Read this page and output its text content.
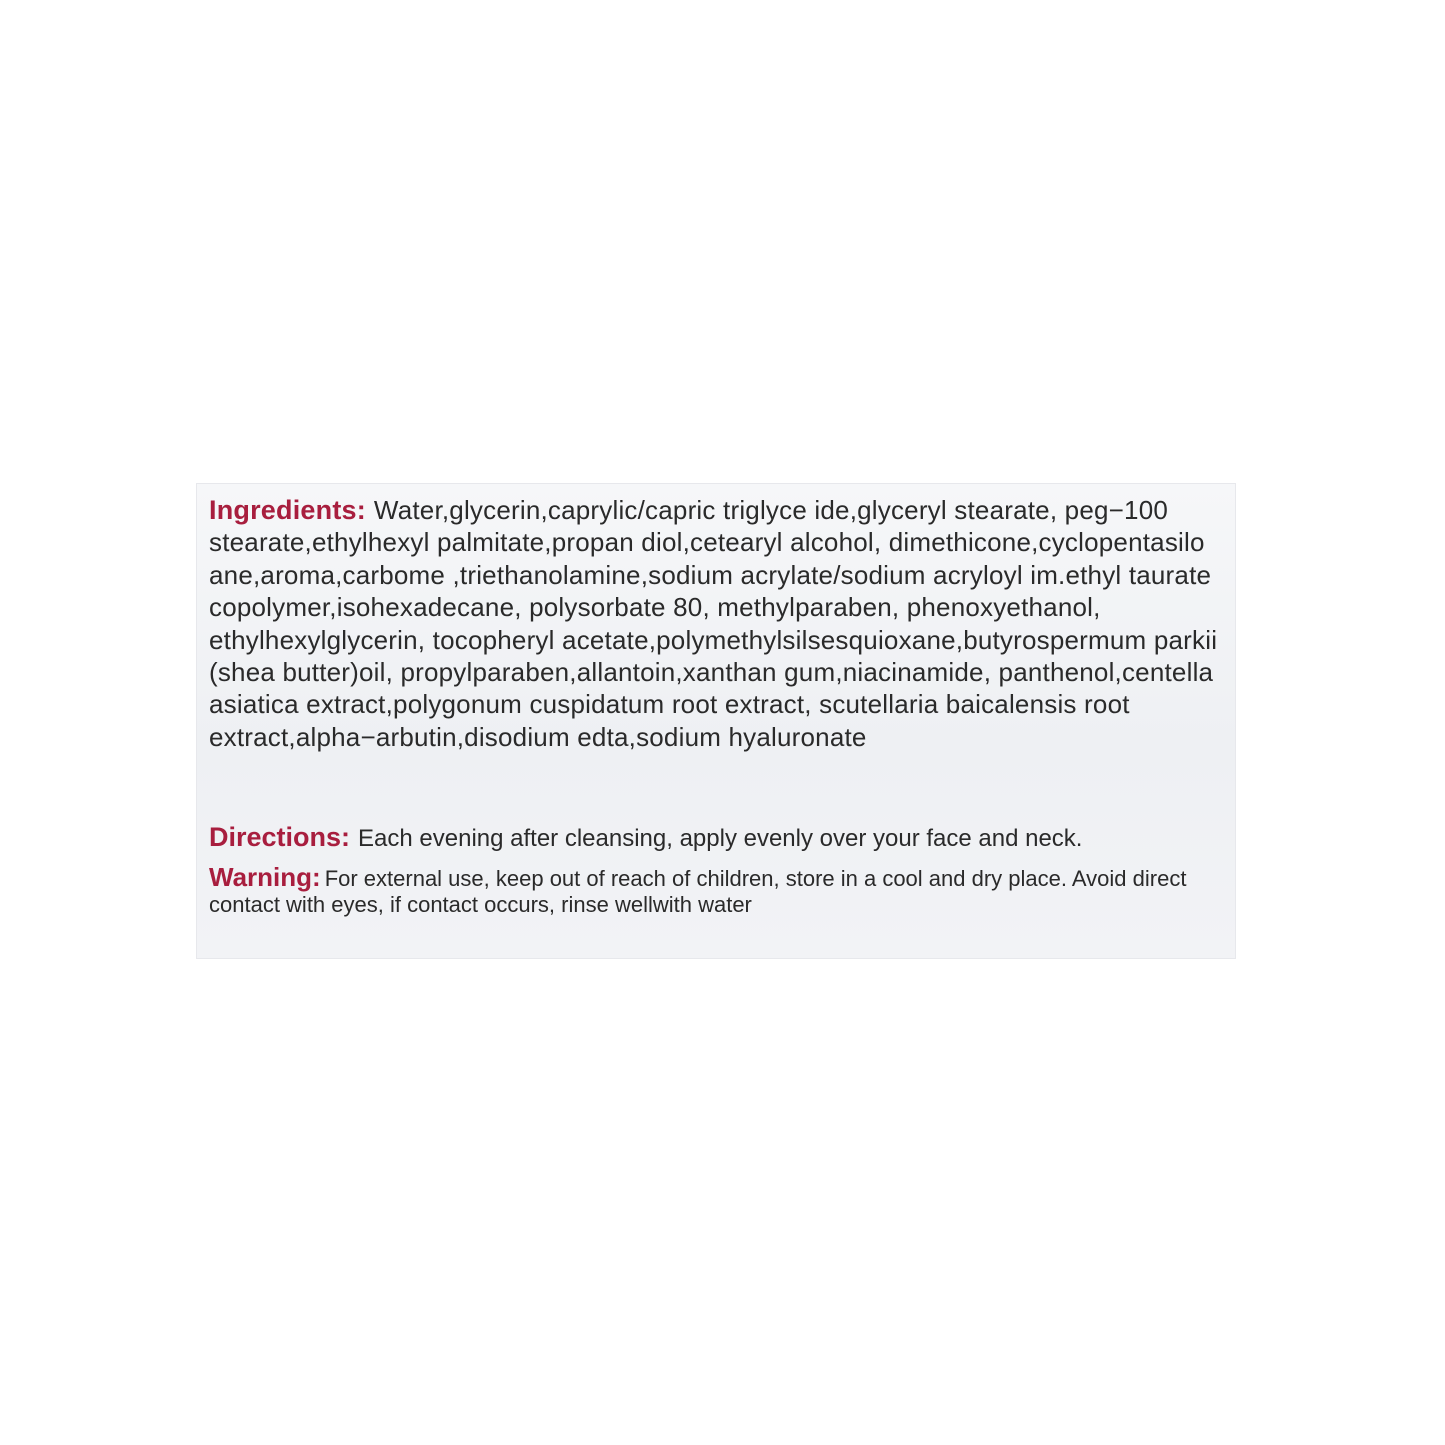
Ingredients: Water,glycerin,caprylic/capric triglyce ide,glyceryl stearate, peg−100 stearate,ethylhexyl palmitate,propan diol,cetearyl alcohol, dimethicone,cyclopentasilo ane,aroma,carbome ,triethanolamine,sodium acrylate/sodium acryloyl im.ethyl taurate copolymer,isohexadecane, polysorbate 80, methylparaben, phenoxyethanol, ethylhexylglycerin, tocopheryl acetate,polymethylsilsesquioxane,butyrospermum parkii (shea butter)oil, propylparaben,allantoin,xanthan gum,niacinamide, panthenol,centella asiatica extract,polygonum cuspidatum root extract, scutellaria baicalensis root extract,alpha−arbutin,disodium edta,sodium hyaluronate
Directions: Each evening after cleansing, apply evenly over your face and neck.
Warning: For external use, keep out of reach of children, store in a cool and dry place. Avoid direct contact with eyes, if contact occurs, rinse wellwith water
